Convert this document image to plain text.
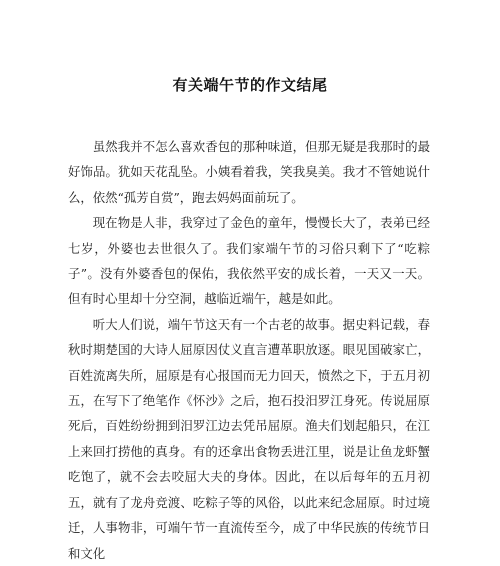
有关端午节的作文结尾

虽然我并不怎么喜欢香包的那种味道，但那无疑是我那时的最好饰品。犹如天花乱坠。小姨看着我，笑我臭美。我才不管她说什么，依然“孤芳自赏”，跑去妈妈面前玩了。

现在物是人非，我穿过了金色的童年，慢慢长大了，表弟已经七岁，外婆也去世很久了。我们家端午节的习俗只剩下了“吃粽子”。没有外婆香包的保佑，我依然平安的成长着，一天又一天。但有时心里却十分空洞，越临近端午，越是如此。

听大人们说，端午节这天有一个古老的故事。据史料记载，春秋时期楚国的大诗人屈原因仗义直言遭革职放逐。眼见国破家亡，百姓流离失所，屈原是有心报国而无力回天，愤然之下，于五月初五，在写下了绝笔作《怀沙》之后，抱石投汨罗江身死。传说屈原死后，百姓纷纷拥到汨罗江边去凭吊屈原。渔夫们划起船只，在江上来回打捞他的真身。有的还拿出食物丢进江里，说是让鱼龙虾蟹吃饱了，就不会去咬屈大夫的身体。因此，在以后每年的五月初五，就有了龙舟竞渡、吃粽子等的风俗，以此来纪念屈原。时过境迁，人事物非，可端午节一直流传至今，成了中华民族的传统节日和文化
